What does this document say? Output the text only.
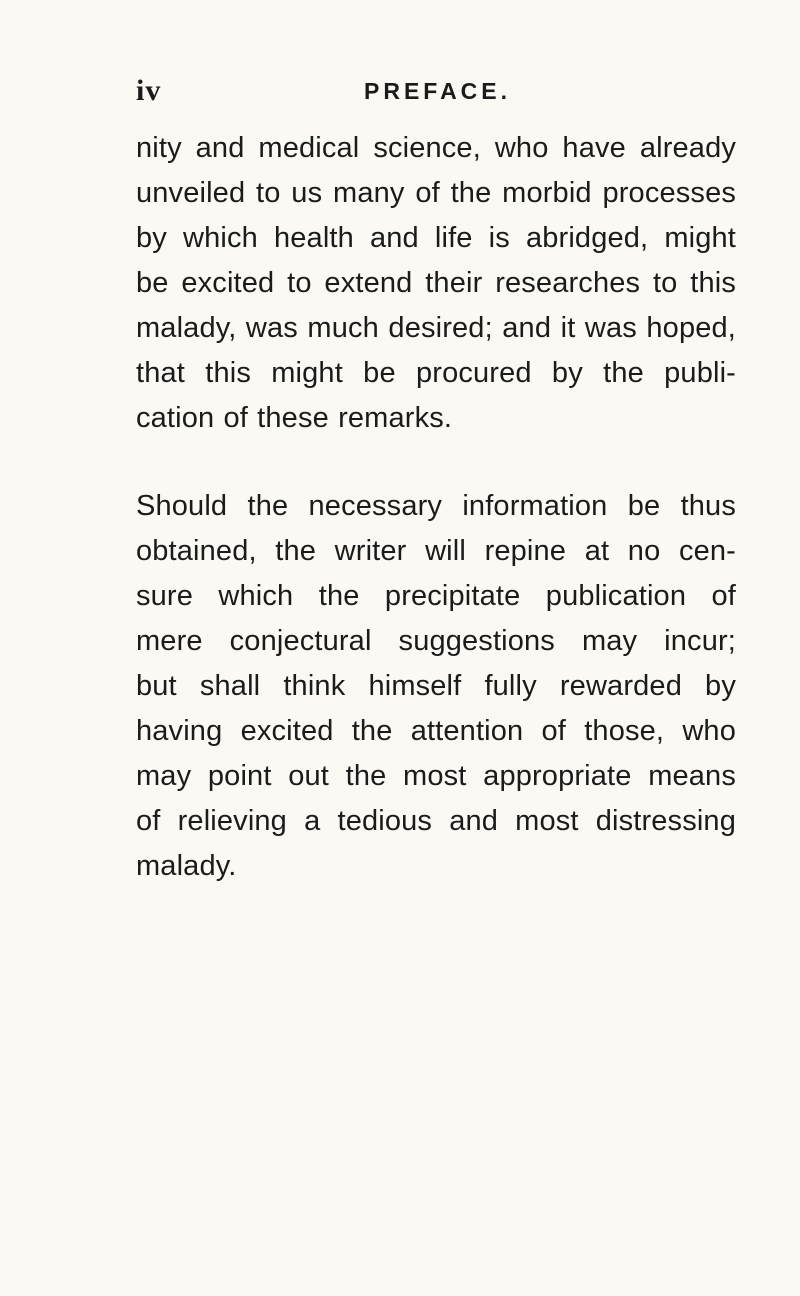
iv	PREFACE.

nity and medical science, who have already
unveiled to us many of the morbid processes
by which health and life is abridged, might
be excited to extend their researches to this
malady, was much desired; and it was hoped,
that this might be procured by the publi-
cation of these remarks.

Should the necessary information be thus
obtained, the writer will repine at no cen-
sure which the precipitate publication of
mere conjectural suggestions may incur;
but shall think himself fully rewarded by
having excited the attention of those, who
may point out the most appropriate means
of relieving a tedious and most distressing
malady.
